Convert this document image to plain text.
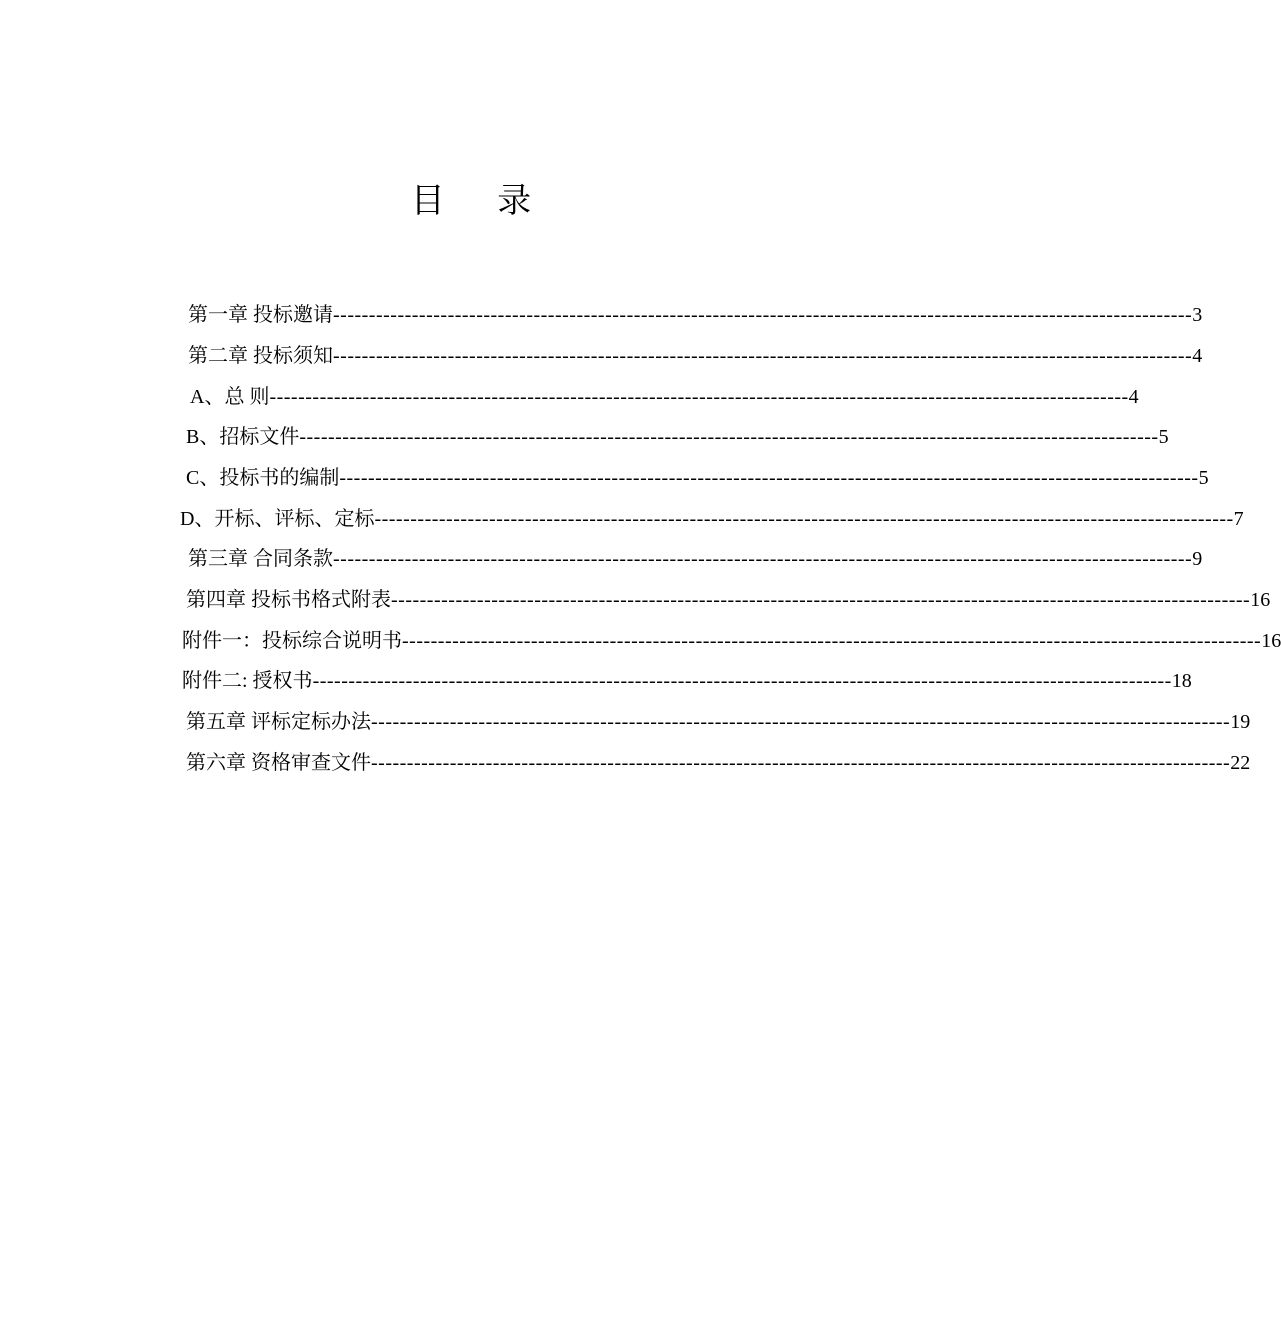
目 录
第一章 投标邀请 ------------------------------------------------------------------------------------------------------------------------ 3
第二章 投标须知 ------------------------------------------------------------------------------------------------------------------------ 4
A、总 则 ------------------------------------------------------------------------------------------------------------------------ 4
B、招标文件 ------------------------------------------------------------------------------------------------------------------------ 5
C、投标书的编制 ------------------------------------------------------------------------------------------------------------------------ 5
D、开标、评标、定标 ------------------------------------------------------------------------------------------------------------------------ 7
第三章 合同条款 ------------------------------------------------------------------------------------------------------------------------ 9
第四章 投标书格式附表 ------------------------------------------------------------------------------------------------------------------------ 16
附件一：投标综合说明书 ------------------------------------------------------------------------------------------------------------------------ 16
附件二: 授权书 ------------------------------------------------------------------------------------------------------------------------ 18
第五章 评标定标办法 ------------------------------------------------------------------------------------------------------------------------ 19
第六章 资格审查文件 ------------------------------------------------------------------------------------------------------------------------ 22
